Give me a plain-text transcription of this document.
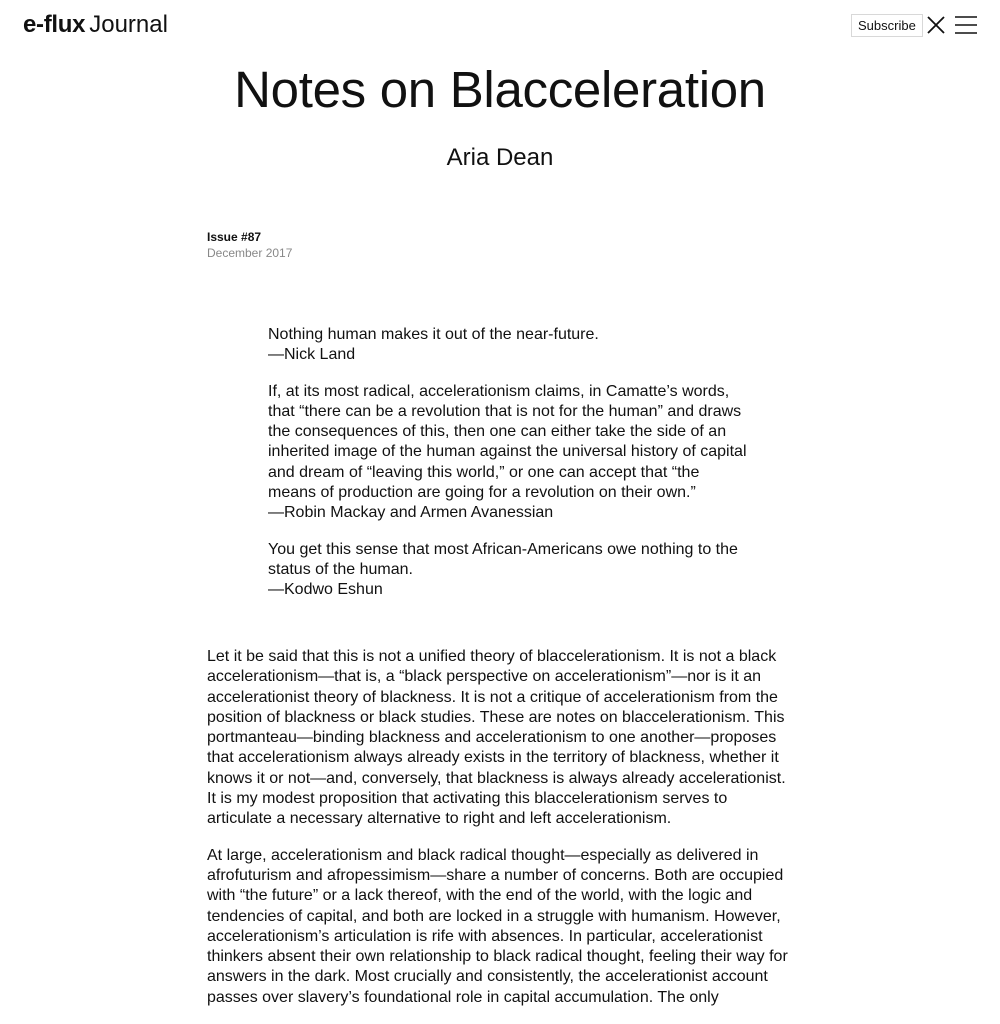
e-flux Journal	Subscribe
Notes on Blacceleration
Aria Dean
Issue #87
December 2017

Nothing human makes it out of the near-future.

—Nick Land

If, at its most radical, accelerationism claims, in Camatte’s words, that “there can be a revolution that is not for the human” and draws the consequences of this, then one can either take the side of an inherited image of the human against the universal history of capital and dream of “leaving this world,” or one can accept that “the means of production are going for a revolution on their own.”

—Robin Mackay and Armen Avanessian

You get this sense that most African-Americans owe nothing to the status of the human.

—Kodwo Eshun

Let it be said that this is not a unified theory of blaccelerationism. It is not a black accelerationism—that is, a “black perspective on accelerationism”—nor is it an accelerationist theory of blackness. It is not a critique of accelerationism from the position of blackness or black studies. These are notes on blaccelerationism. This portmanteau—binding blackness and accelerationism to one another—proposes that accelerationism always already exists in the territory of blackness, whether it knows it or not—and, conversely, that blackness is always already accelerationist. It is my modest proposition that activating this blaccelerationism serves to articulate a necessary alternative to right and left accelerationism.

At large, accelerationism and black radical thought—especially as delivered in afrofuturism and afropessimism—share a number of concerns. Both are occupied with “the future” or a lack thereof, with the end of the world, with the logic and tendencies of capital, and both are locked in a struggle with humanism. However, accelerationism’s articulation is rife with absences. In particular, accelerationist thinkers absent their own relationship to black radical thought, feeling their way for answers in the dark. Most crucially and consistently, the accelerationist account passes over slavery’s foundational role in capital accumulation. The only
